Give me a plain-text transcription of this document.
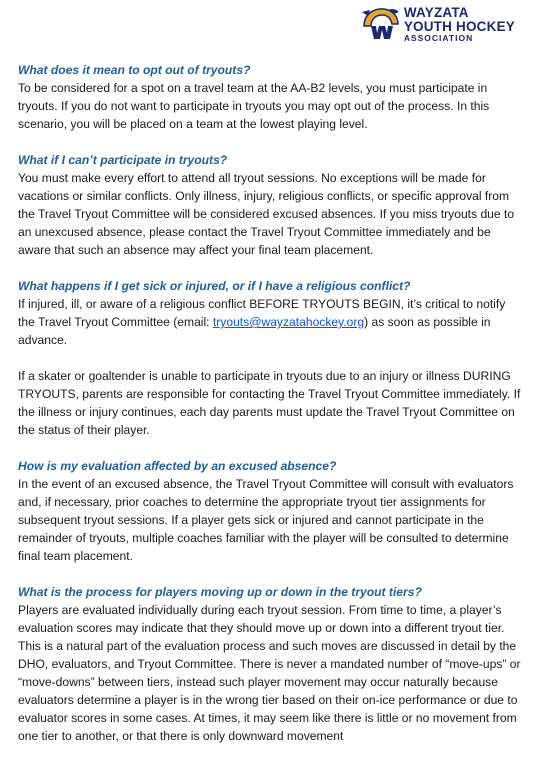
WAYZATA
YOUTH HOCKEY
ASSOCIATION
What does it mean to opt out of tryouts?

To be considered for a spot on a travel team at the AA-B2 levels, you must participate in tryouts. If you do not want to participate in tryouts you may opt out of the process. In this scenario, you will be placed on a team at the lowest playing level.

What if I can’t participate in tryouts?

You must make every effort to attend all tryout sessions. No exceptions will be made for vacations or similar conflicts. Only illness, injury, religious conflicts, or specific approval from the Travel Tryout Committee will be considered excused absences. If you miss tryouts due to an unexcused absence, please contact the Travel Tryout Committee immediately and be aware that such an absence may affect your final team placement.

What happens if I get sick or injured, or if I have a religious conflict?

If injured, ill, or aware of a religious conflict BEFORE TRYOUTS BEGIN, it’s critical to notify the Travel Tryout Committee (email: tryouts@wayzatahockey.org) as soon as possible in advance.

If a skater or goaltender is unable to participate in tryouts due to an injury or illness DURING TRYOUTS, parents are responsible for contacting the Travel Tryout Committee immediately. If the illness or injury continues, each day parents must update the Travel Tryout Committee on the status of their player.

How is my evaluation affected by an excused absence?

In the event of an excused absence, the Travel Tryout Committee will consult with evaluators and, if necessary, prior coaches to determine the appropriate tryout tier assignments for subsequent tryout sessions. If a player gets sick or injured and cannot participate in the remainder of tryouts, multiple coaches familiar with the player will be consulted to determine final team placement.

What is the process for players moving up or down in the tryout tiers?

Players are evaluated individually during each tryout session. From time to time, a player’s evaluation scores may indicate that they should move up or down into a different tryout tier. This is a natural part of the evaluation process and such moves are discussed in detail by the DHO, evaluators, and Tryout Committee. There is never a mandated number of “move-ups” or “move-downs” between tiers, instead such player movement may occur naturally because evaluators determine a player is in the wrong tier based on their on-ice performance or due to evaluator scores in some cases. At times, it may seem like there is little or no movement from one tier to another, or that there is only downward movement
